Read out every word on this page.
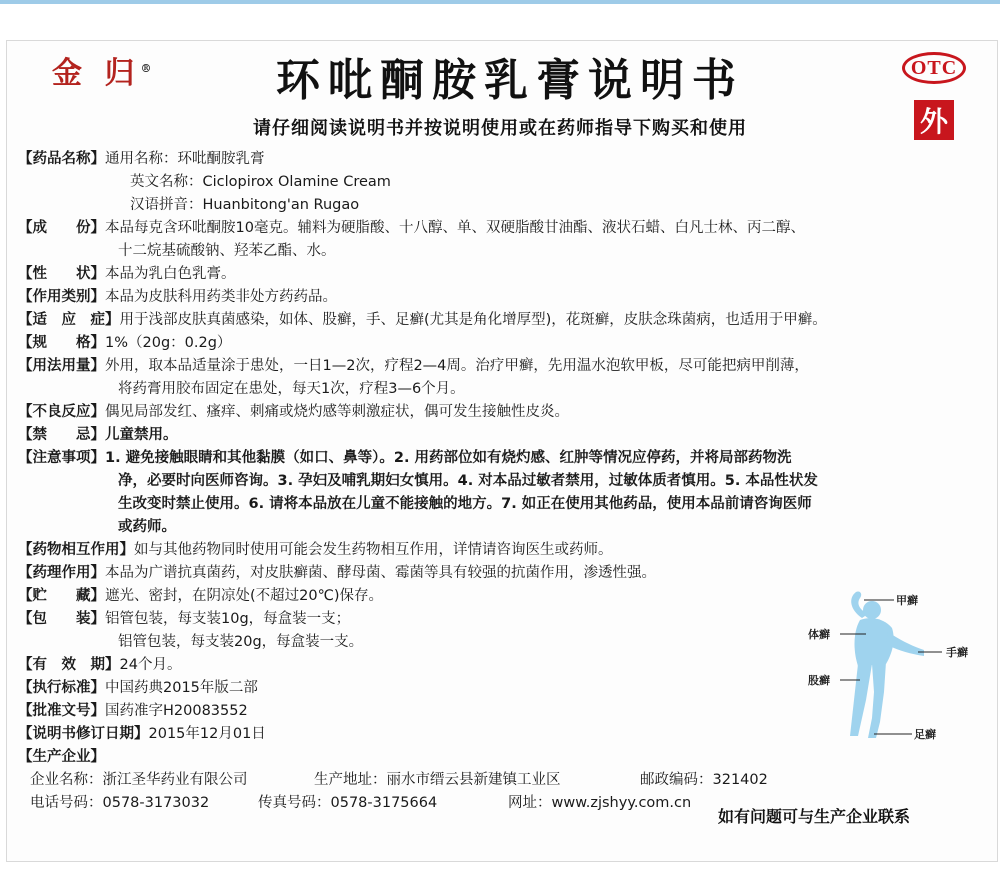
金 归®	环吡酮胺乳膏说明书
请仔细阅读说明书并按说明使用或在药师指导下购买和使用
OTC
外
【药品名称】通用名称：环吡酮胺乳膏
英文名称：Ciclopirox Olamine Cream
汉语拼音：Huanbitong'an Rugao
【成　　份】本品每克含环吡酮胺10毫克。辅料为硬脂酸、十八醇、单、双硬脂酸甘油酯、液状石蜡、白凡士林、丙二醇、
十二烷基硫酸钠、羟苯乙酯、水。
【性　　状】本品为乳白色乳膏。
【作用类别】本品为皮肤科用药类非处方药药品。
【适　应　症】用于浅部皮肤真菌感染，如体、股癣，手、足癣(尤其是角化增厚型)，花斑癣，皮肤念珠菌病，也适用于甲癣。
【规　　格】1%（20g：0.2g）
【用法用量】外用，取本品适量涂于患处，一日1—2次，疗程2—4周。治疗甲癣，先用温水泡软甲板，尽可能把病甲削薄，
将药膏用胶布固定在患处，每天1次，疗程3—6个月。
【不良反应】偶见局部发红、瘙痒、刺痛或烧灼感等刺激症状，偶可发生接触性皮炎。
【禁　　忌】儿童禁用。
【注意事项】1. 避免接触眼睛和其他黏膜（如口、鼻等）。2. 用药部位如有烧灼感、红肿等情况应停药，并将局部药物洗
净，必要时向医师咨询。3. 孕妇及哺乳期妇女慎用。4. 对本品过敏者禁用，过敏体质者慎用。5. 本品性状发
生改变时禁止使用。6. 请将本品放在儿童不能接触的地方。7. 如正在使用其他药品，使用本品前请咨询医师
或药师。
【药物相互作用】如与其他药物同时使用可能会发生药物相互作用，详情请咨询医生或药师。
【药理作用】本品为广谱抗真菌药，对皮肤癣菌、酵母菌、霉菌等具有较强的抗菌作用，渗透性强。
【贮　　藏】遮光、密封，在阴凉处(不超过20℃)保存。
【包　　装】铝管包装，每支装10g，每盒装一支；
铝管包装，每支装20g，每盒装一支。
【有　效　期】24个月。
【执行标准】中国药典2015年版二部
【批准文号】国药准字H20083552
【说明书修订日期】2015年12月01日
【生产企业】
企业名称：浙江圣华药业有限公司	生产地址：丽水市缙云县新建镇工业区	邮政编码：321402
电话号码：0578-3173032	传真号码：0578-3175664	网址：www.zjshyy.com.cn
如有问题可与生产企业联系
甲癣
体癣
手癣
股癣
足癣
